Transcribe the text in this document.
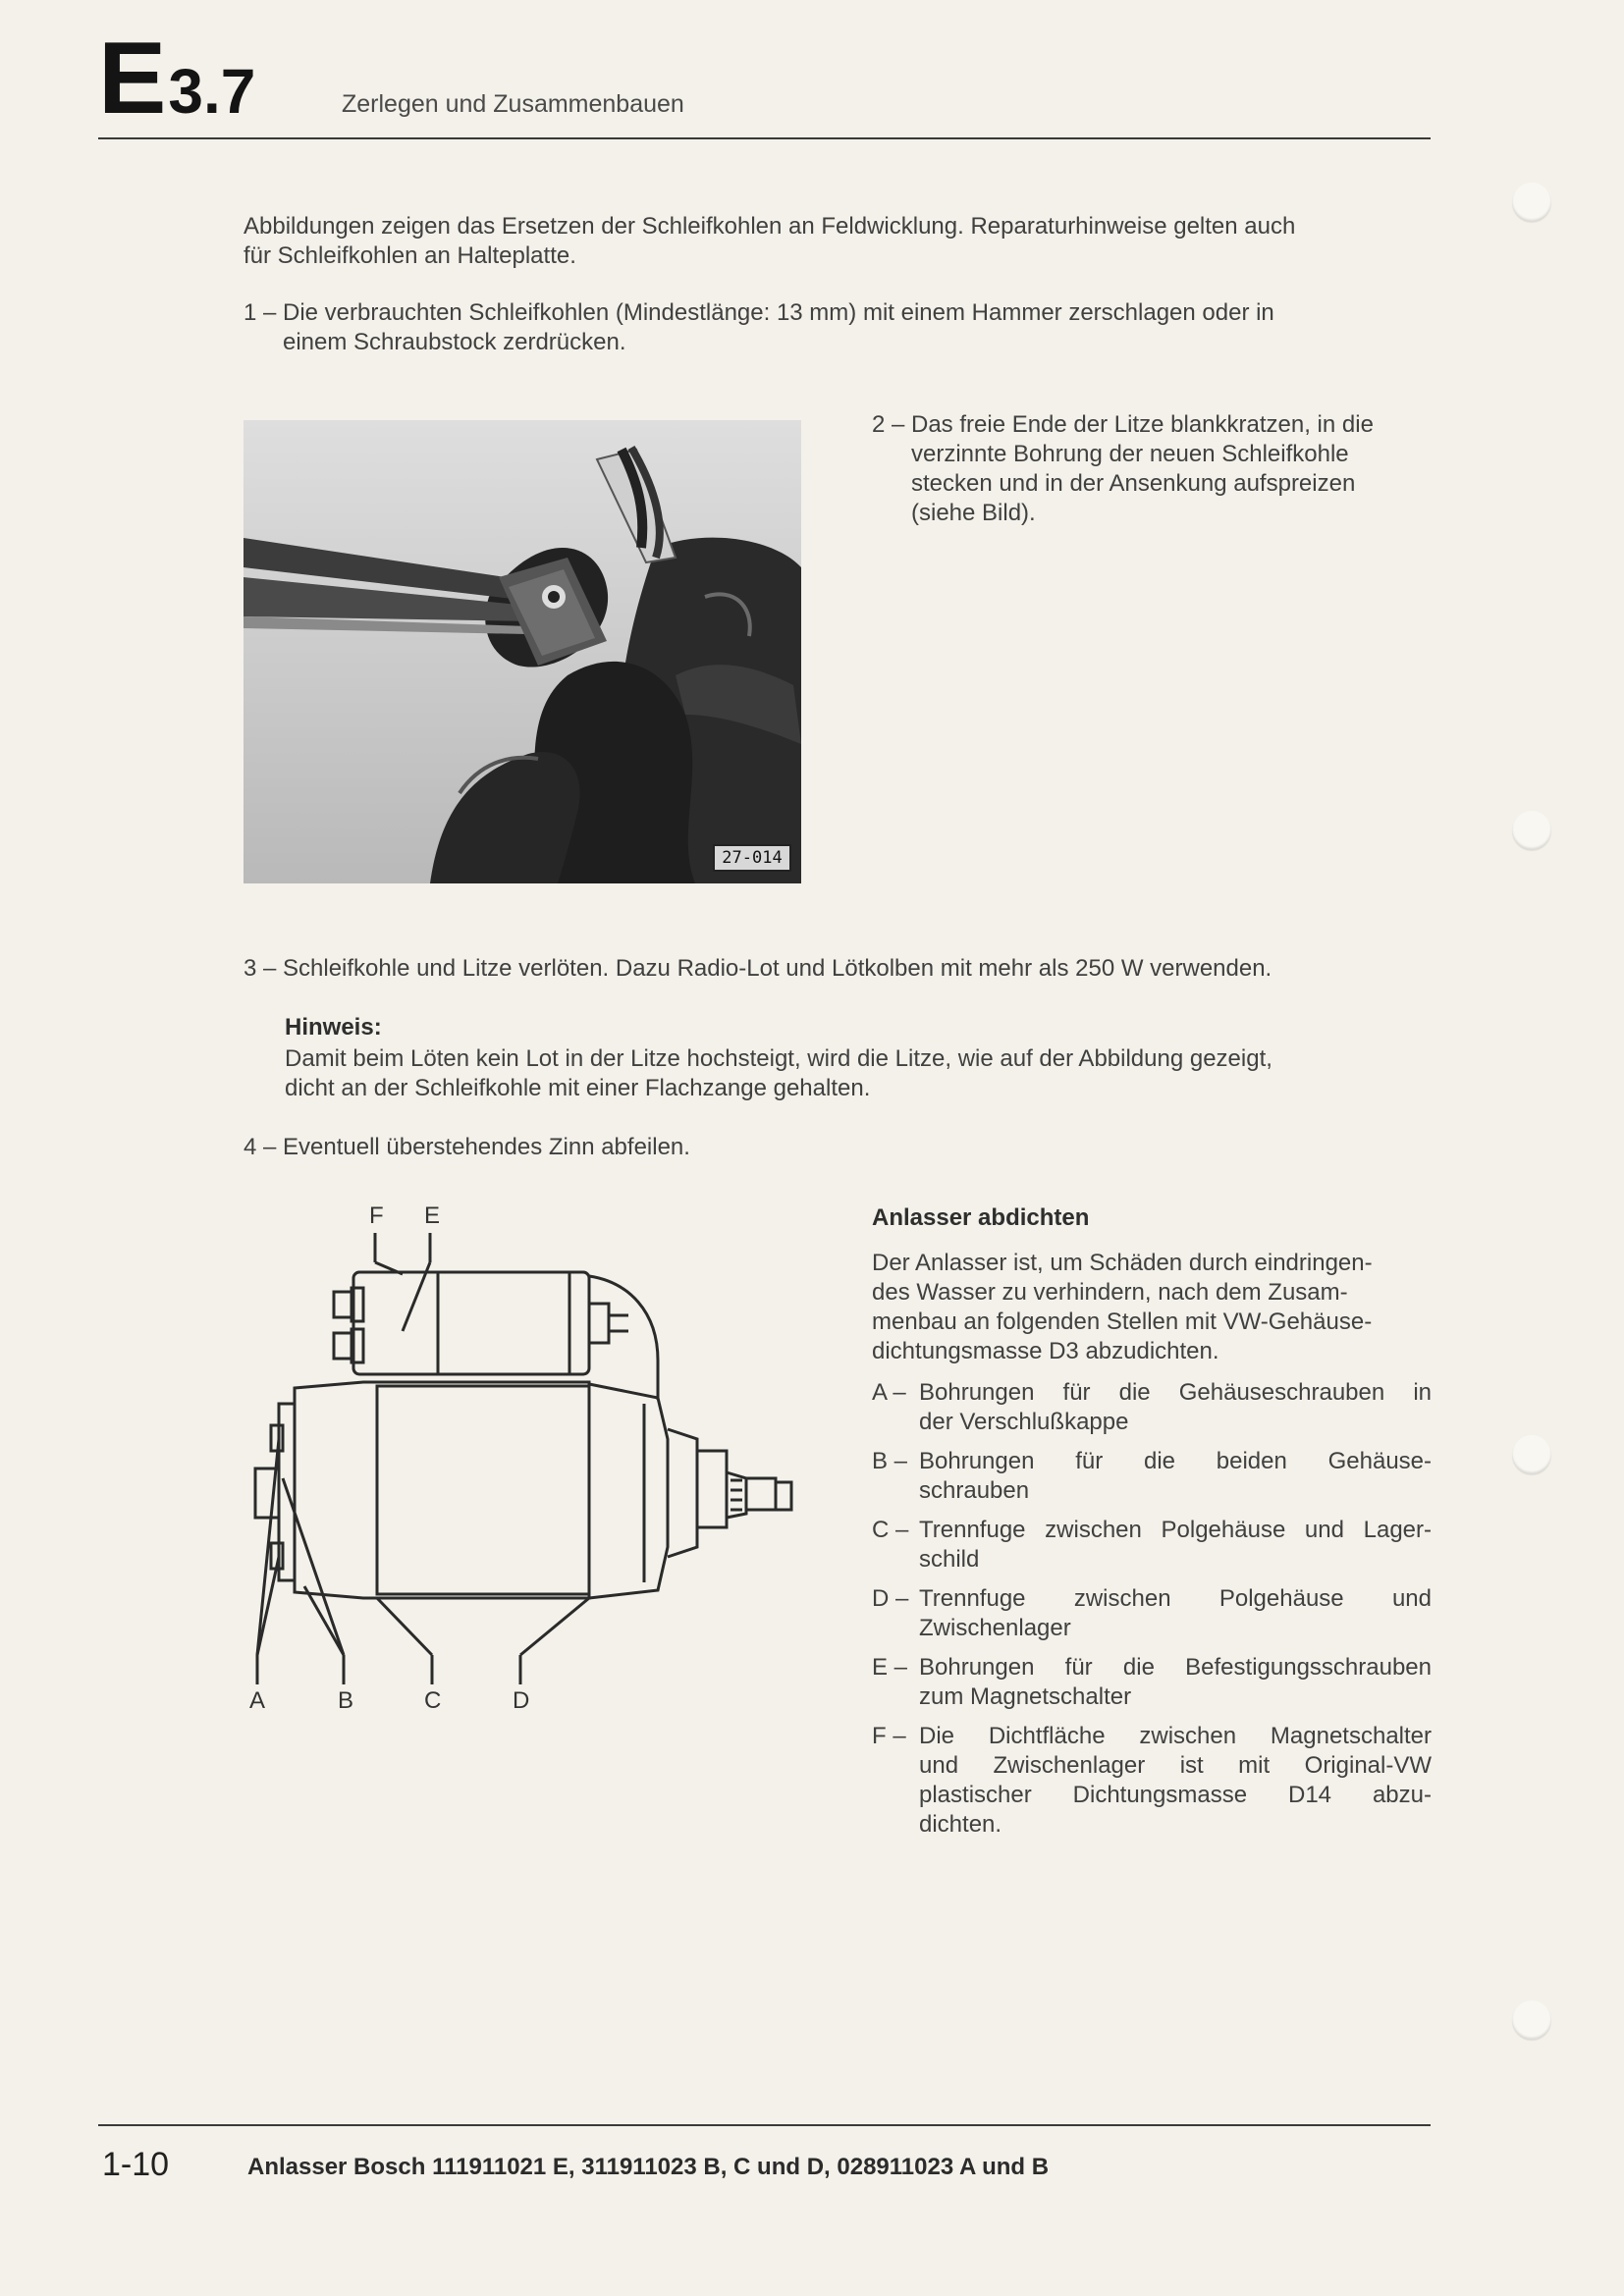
E3.7	Zerlegen und Zusammenbauen
Abbildungen zeigen das Ersetzen der Schleifkohlen an Feldwicklung. Reparaturhinweise gelten auch
für Schleifkohlen an Halteplatte.
1 – Die verbrauchten Schleifkohlen (Mindestlänge: 13 mm) mit einem Hammer zerschlagen oder in
einem Schraubstock zerdrücken.
27-014
2 – Das freie Ende der Litze blankkratzen, in die
verzinnte Bohrung der neuen Schleifkohle
stecken und in der Ansenkung aufspreizen
(siehe Bild).
3 – Schleifkohle und Litze verlöten. Dazu Radio-Lot und Lötkolben mit mehr als 250 W verwenden.
Hinweis:
Damit beim Löten kein Lot in der Litze hochsteigt, wird die Litze, wie auf der Abbildung gezeigt,
dicht an der Schleifkohle mit einer Flachzange gehalten.
4 – Eventuell überstehendes Zinn abfeilen.
F E
A	B	C	D
Anlasser abdichten
Der Anlasser ist, um Schäden durch eindringen-
des Wasser zu verhindern, nach dem Zusam-
menbau an folgenden Stellen mit VW-Gehäuse-
dichtungsmasse D3 abzudichten.
A – Bohrungen für die Gehäuseschrauben in
der Verschlußkappe
B – Bohrungen für die beiden Gehäuse-
schrauben
C – Trennfuge zwischen Polgehäuse und Lager-
schild
D – Trennfuge zwischen Polgehäuse und
Zwischenlager
E – Bohrungen für die Befestigungsschrauben
zum Magnetschalter
F – Die Dichtfläche zwischen Magnetschalter
und Zwischenlager ist mit Original-VW
plastischer Dichtungsmasse D14 abzu-
dichten.
1-10	Anlasser Bosch 111911021 E, 311911023 B, C und D, 028911023 A und B
